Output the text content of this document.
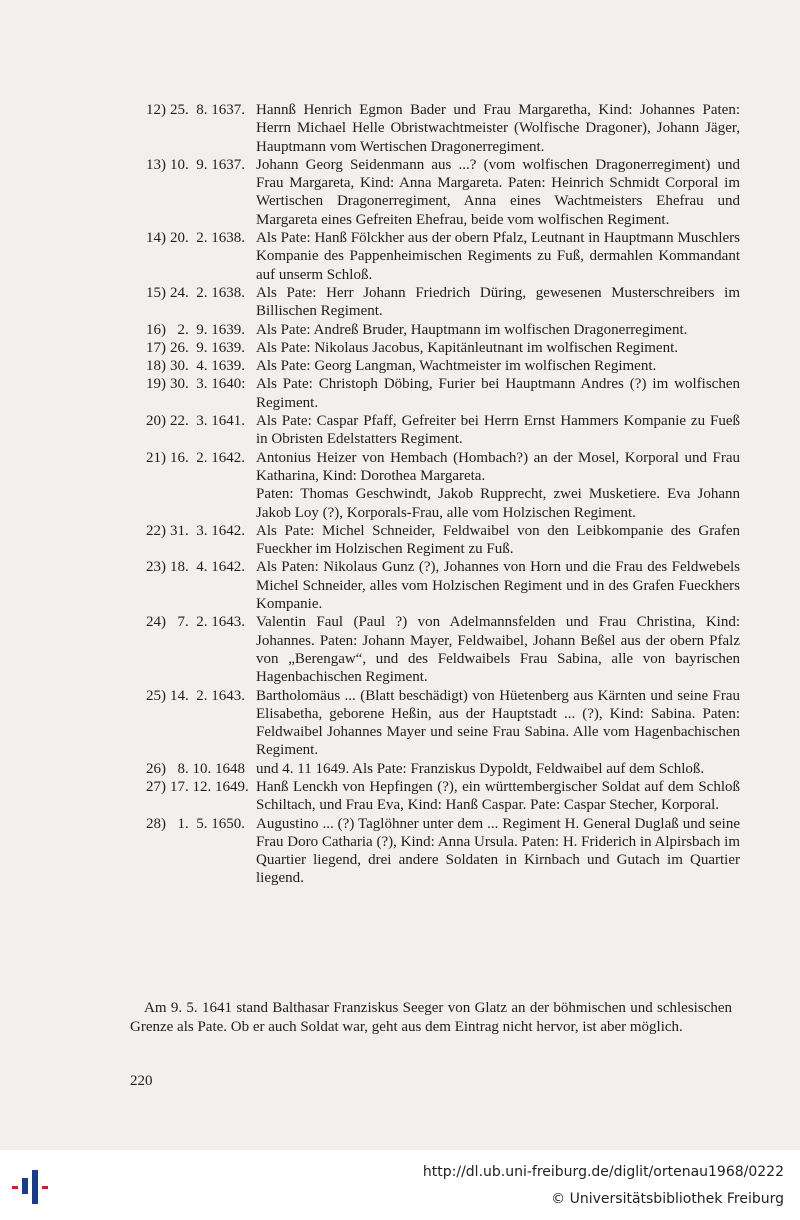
12) 25.  8. 1637. Hannß Henrich Egmon Bader und Frau Margaretha, Kind: Johannes Paten: Herrn Michael Helle Obristwachtmeister (Wolfische Dragoner), Johann Jäger, Hauptmann vom Wertischen Dragonerregiment.

13) 10.  9. 1637. Johann Georg Seidenmann aus ...? (vom wolfischen Dragonerregiment) und Frau Margareta, Kind: Anna Margareta. Paten: Heinrich Schmidt Corporal im Wertischen Dragonerregiment, Anna eines Wachtmeisters Ehefrau und Margareta eines Gefreiten Ehefrau, beide vom wolfischen Regiment.

14) 20.  2. 1638. Als Pate: Hanß Fölckher aus der obern Pfalz, Leutnant in Hauptmann Muschlers Kompanie des Pappenheimischen Regiments zu Fuß, dermahlen Kommandant auf unserm Schloß.

15) 24.  2. 1638. Als Pate: Herr Johann Friedrich Düring, gewesenen Musterschreibers im Billischen Regiment.

16) 2.  9. 1639. Als Pate: Andreß Bruder, Hauptmann im wolfischen Dragonerregiment.

17) 26.  9. 1639. Als Pate: Nikolaus Jacobus, Kapitänleutnant im wolfischen Regiment.

18) 30.  4. 1639. Als Pate: Georg Langman, Wachtmeister im wolfischen Regiment.

19) 30.  3. 1640: Als Pate: Christoph Döbing, Furier bei Hauptmann Andres (?) im wolfischen Regiment.

20) 22.  3. 1641. Als Pate: Caspar Pfaff, Gefreiter bei Herrn Ernst Hammers Kompanie zu Fueß in Obristen Edelstatters Regiment.

21) 16.  2. 1642. Antonius Heizer von Hembach (Hombach?) an der Mosel, Korporal und Frau Katharina, Kind: Dorothea Margareta.

Paten: Thomas Geschwindt, Jakob Rupprecht, zwei Musketiere. Eva Johann Jakob Loy (?), Korporals-Frau, alle vom Holzischen Regiment.

22) 31.  3. 1642. Als Pate: Michel Schneider, Feldwaibel von den Leibkompanie des Grafen Fueckher im Holzischen Regiment zu Fuß.

23) 18.  4. 1642. Als Paten: Nikolaus Gunz (?), Johannes von Horn und die Frau des Feldwebels Michel Schneider, alles vom Holzischen Regiment und in des Grafen Fueckhers Kompanie.

24) 7.  2. 1643. Valentin Faul (Paul ?) von Adelmannsfelden und Frau Christina, Kind: Johannes. Paten: Johann Mayer, Feldwaibel, Johann Beßel aus der obern Pfalz von „Berengaw“, und des Feldwaibels Frau Sabina, alle von bayrischen Hagenbachischen Regiment.

25) 14.  2. 1643. Bartholomäus ... (Blatt beschädigt) von Hüetenberg aus Kärnten und seine Frau Elisabetha, geborene Heßin, aus der Hauptstadt ... (?), Kind: Sabina. Paten: Feldwaibel Johannes Mayer und seine Frau Sabina. Alle vom Hagenbachischen Regiment.

26) 8. 10. 1648 und 4. 11 1649. Als Pate: Franziskus Dypoldt, Feldwaibel auf dem Schloß.

27) 17. 12. 1649. Hanß Lenckh von Hepfingen (?), ein württembergischer Soldat auf dem Schloß Schiltach, und Frau Eva, Kind: Hanß Caspar. Pate: Caspar Stecher, Korporal.

28) 1.  5. 1650. Augustino ... (?) Taglöhner unter dem ... Regiment H. General Duglaß und seine Frau Doro Catharia (?), Kind: Anna Ursula. Paten: H. Friderich in Alpirsbach im Quartier liegend, drei andere Soldaten in Kirnbach und Gutach im Quartier liegend.

Am 9. 5. 1641 stand Balthasar Franziskus Seeger von Glatz an der böhmischen und schlesischen Grenze als Pate. Ob er auch Soldat war, geht aus dem Eintrag nicht hervor, ist aber möglich.

220
http://dl.ub.uni-freiburg.de/diglit/ortenau1968/0222
© Universitätsbibliothek Freiburg
